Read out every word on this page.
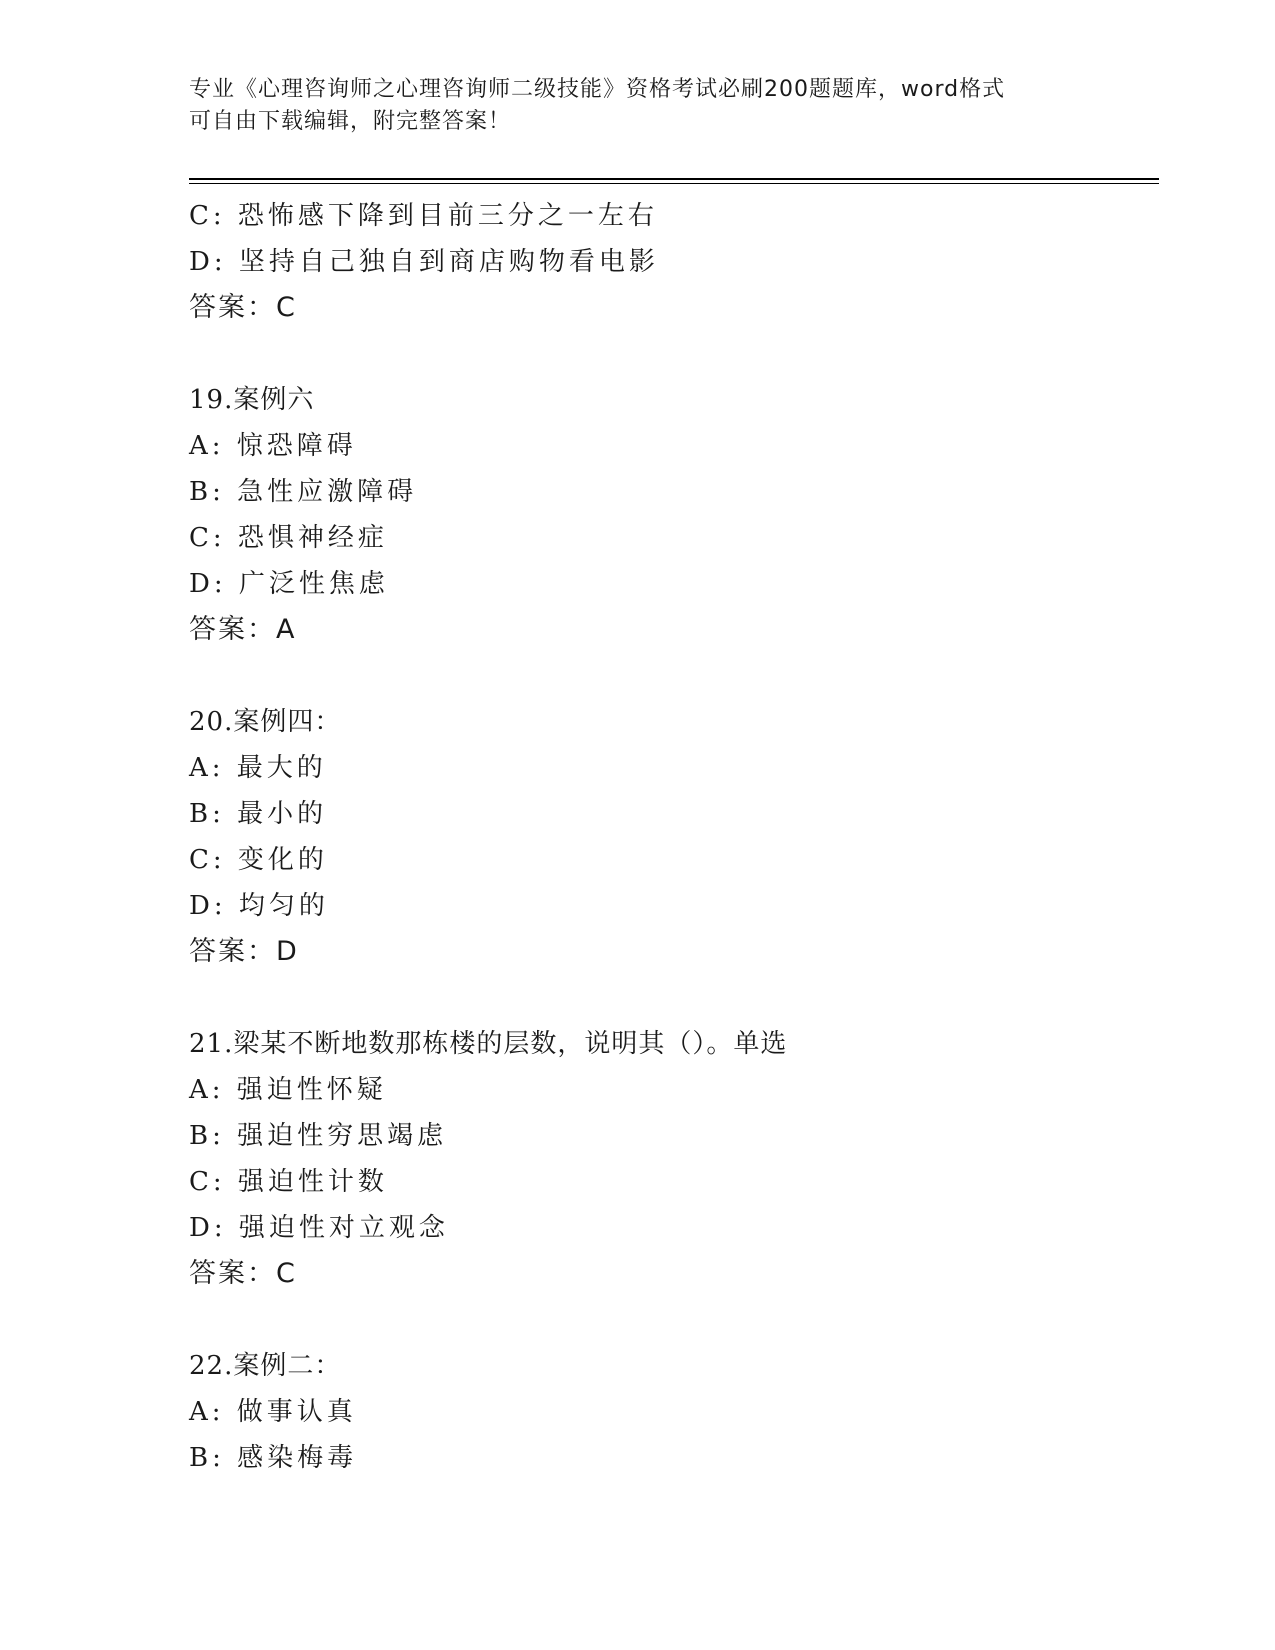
专业《心理咨询师之心理咨询师二级技能》资格考试必刷200题题库，word格式
可自由下载编辑，附完整答案！
C: 恐怖感下降到目前三分之一左右
D: 坚持自己独自到商店购物看电影
答案：C
19.案例六
A: 惊恐障碍
B: 急性应激障碍
C: 恐惧神经症
D: 广泛性焦虑
答案：A
20.案例四：
A: 最大的
B: 最小的
C: 变化的
D: 均匀的
答案：D
21.梁某不断地数那栋楼的层数，说明其（）。单选
A: 强迫性怀疑
B: 强迫性穷思竭虑
C: 强迫性计数
D: 强迫性对立观念
答案：C
22.案例二：
A: 做事认真
B: 感染梅毒
